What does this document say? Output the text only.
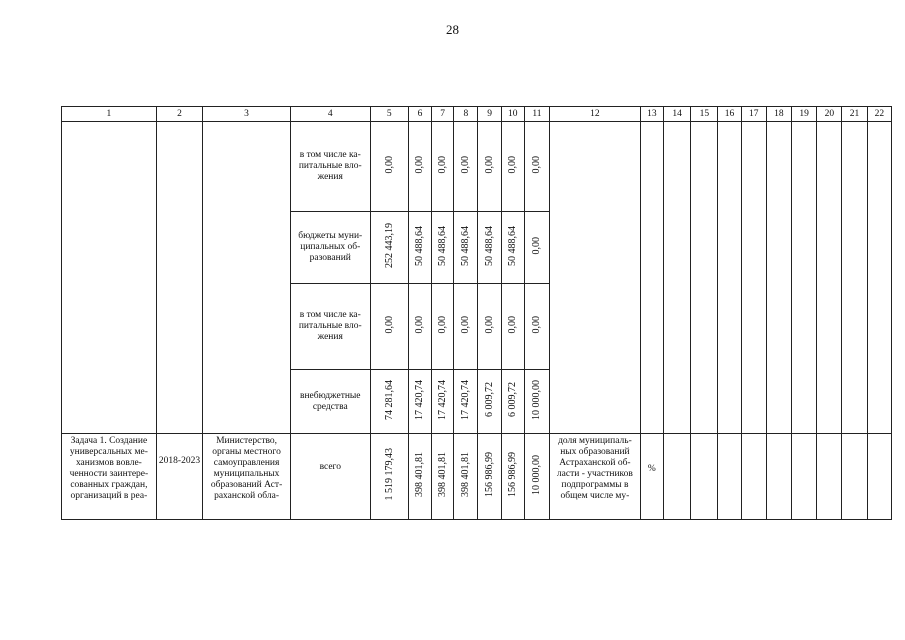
28
1	2	3	4	5	6	7	8	9	10	11	12	13	14	15	16	17	18	19	20	21	22
			в том числе ка-питальные вло-жения	0,00	0,00	0,00	0,00	0,00	0,00	0,00											
			бюджеты муни-ципальных об-разований	252 443,19	50 488,64	50 488,64	50 488,64	50 488,64	50 488,64	0,00											
			в том числе ка-питальные вло-жения	0,00	0,00	0,00	0,00	0,00	0,00	0,00											
			внебюджетные средства	74 281,64	17 420,74	17 420,74	17 420,74	6 009,72	6 009,72	10 000,00											
Задача 1. Создание универсальных ме-ханизмов вовле-ченности заинтере-сованных граждан, организаций в реа-	2018-2023	Министерство, органы местного самоуправления муниципальных образований Аст-раханской обла-	всего	1 519 179,43	398 401,81	398 401,81	398 401,81	156 986,99	156 986,99	10 000,00	доля муниципаль-ных образований Астраханской об-ласти - участников подпрограммы в общем числе му-	%									
